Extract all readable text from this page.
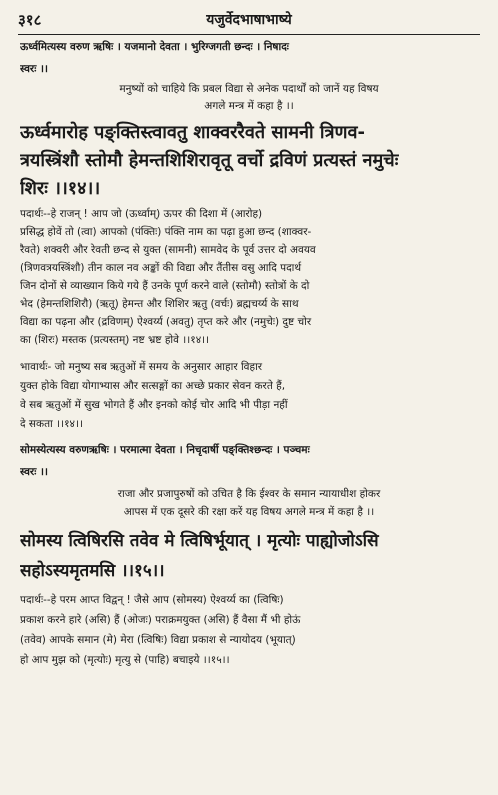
३१८	यजुर्वेदभाषाभाष्ये
ऊर्ध्वमित्यस्य वरुण ऋषिः । यजमानो देवता । भुरिग्जगती छन्दः । निषादः
स्वरः ।।
मनुष्यों को चाहिये कि प्रबल विद्या से अनेक पदार्थों को जानें यह विषय
अगले मन्त्र में कहा है ।।
ऊर्ध्वमारोह पङ्क्तिस्त्वावतु शाक्वररैवते सामनी त्रिणव-
त्रयस्त्रिंशौ स्तोमौ हेमन्तशिशिरावृतू वर्चो द्रविणं प्रत्यस्तं नमुचेः
शिरः ।।१४।।
पदार्थः--हे राजन् ! आप जो (ऊर्ध्वाम्) ऊपर की दिशा में (आरोह)
प्रसिद्ध होवें तो (त्वा) आपको (पंक्तिः) पंक्ति नाम का पढ़ा हुआ छन्द (शाक्वर-
रैवते) शक्वरी और रेवती छन्द से युक्त (सामनी) सामवेद के पूर्व उत्तर दो अवयव
(त्रिणवत्रयस्त्रिंशौ) तीन काल नव अङ्कों की विद्या और तैंतीस वसु आदि पदार्थ
जिन दोनों से व्याख्यान किये गये हैं उनके पूर्ण करने वाले (स्तोमौ) स्तोत्रों के दो
भेद (हेमन्तशिशिरौ) (ऋतू) हेमन्त और शिशिर ऋतु (वर्चः) ब्रह्मचर्य्य के साथ
विद्या का पढ़ना और (द्रविणम्) ऐश्वर्य्य (अवतु) तृप्त करे और (नमुचेः) दुष्ट चोर
का (शिरः) मस्तक (प्रत्यस्तम्) नष्ट भ्रष्ट होवे ।।१४।।
भावार्थः- जो मनुष्य सब ऋतुओं में समय के अनुसार आहार विहार
युक्त होके विद्या योगाभ्यास और सत्सङ्गों का अच्छे प्रकार सेवन करते हैं,
वे सब ऋतुओं में सुख भोगते हैं और इनको कोई चोर आदि भी पीड़ा नहीं
दे सकता ।।१४।।
सोमस्येत्यस्य वरुणऋषिः । परमात्मा देवता । निचृदार्षी पङ्क्तिश्छन्दः । पञ्चमः
स्वरः ।।
राजा और प्रजापुरुषों को उचित है कि ईश्वर के समान न्यायाधीश होकर
आपस में एक दूसरे की रक्षा करें यह विषय अगले मन्त्र में कहा है ।।
सोमस्य त्विषिरसि तवेव मे त्विषिर्भूयात् । मृत्योः पाह्योजोऽसि
सहोऽस्यमृतमसि ।।१५।।
पदार्थः--हे परम आप्त विद्वन् ! जैसे आप (सोमस्य) ऐश्वर्य्य का (त्विषिः)
प्रकाश करने हारे (असि) हैं (ओजः) पराक्रमयुक्त (असि) हैं वैसा मैं भी होऊं
(तवेव) आपके समान (मे) मेरा (त्विषिः) विद्या प्रकाश से न्यायोदय (भूयात्)
हो आप मुझ को (मृत्योः) मृत्यु से (पाहि) बचाइये ।।१५।।
